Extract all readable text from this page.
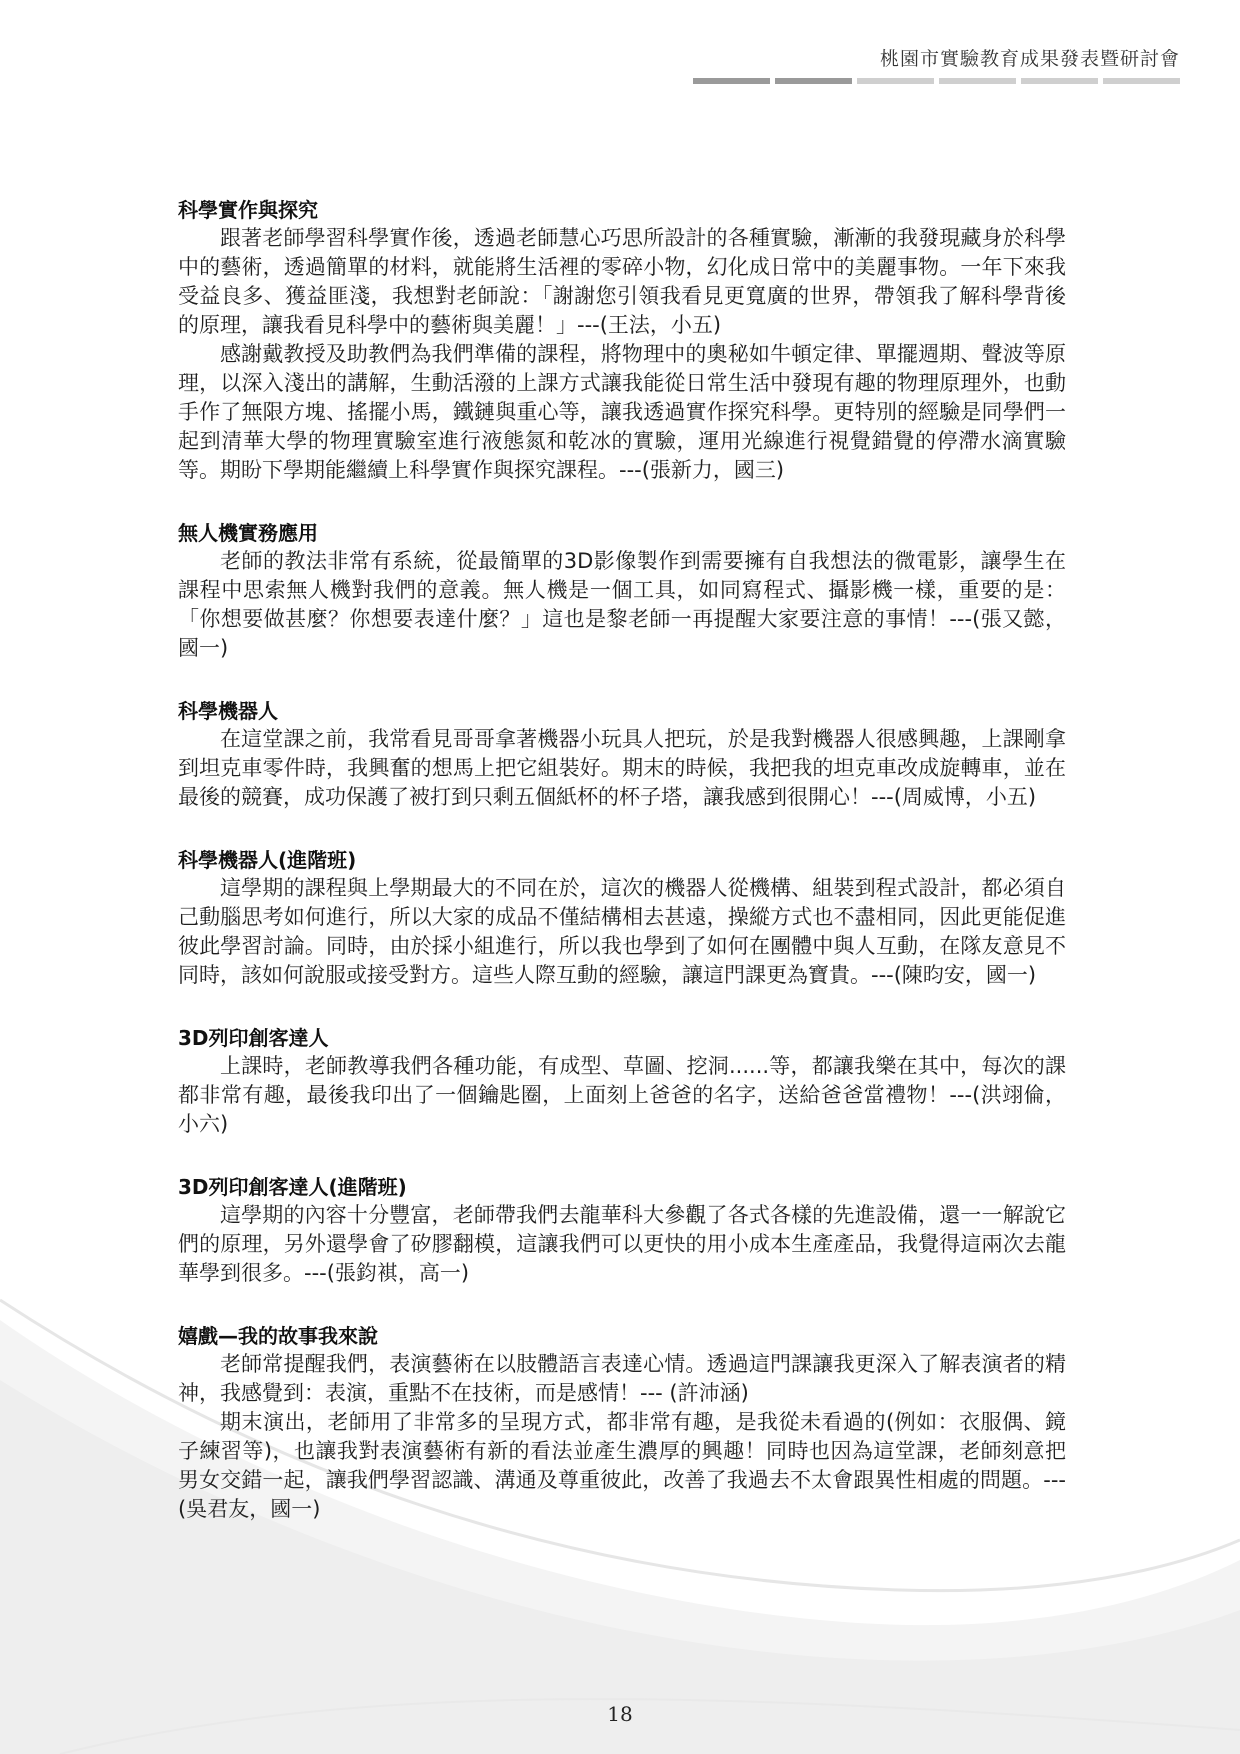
桃園市實驗教育成果發表暨研討會
科學實作與探究

跟著老師學習科學實作後，透過老師慧心巧思所設計的各種實驗，漸漸的我發現藏身於科學中的藝術，透過簡單的材料，就能將生活裡的零碎小物，幻化成日常中的美麗事物。一年下來我受益良多、獲益匪淺，我想對老師說：「謝謝您引領我看見更寬廣的世界，帶領我了解科學背後的原理，讓我看見科學中的藝術與美麗！」---(王法，小五)

感謝戴教授及助教們為我們準備的課程，將物理中的奧秘如牛頓定律、單擺週期、聲波等原理，以深入淺出的講解，生動活潑的上課方式讓我能從日常生活中發現有趣的物理原理外，也動手作了無限方塊、搖擺小馬，鐵鏈與重心等，讓我透過實作探究科學。更特別的經驗是同學們一起到清華大學的物理實驗室進行液態氮和乾冰的實驗，運用光線進行視覺錯覺的停滯水滴實驗等。期盼下學期能繼續上科學實作與探究課程。---(張新力，國三)

無人機實務應用

老師的教法非常有系統，從最簡單的3D影像製作到需要擁有自我想法的微電影，讓學生在課程中思索無人機對我們的意義。無人機是一個工具，如同寫程式、攝影機一樣，重要的是：「你想要做甚麼？你想要表達什麼？」這也是黎老師一再提醒大家要注意的事情！---(張又懿，國一)

科學機器人

在這堂課之前，我常看見哥哥拿著機器小玩具人把玩，於是我對機器人很感興趣，上課剛拿到坦克車零件時，我興奮的想馬上把它組裝好。期末的時候，我把我的坦克車改成旋轉車，並在最後的競賽，成功保護了被打到只剩五個紙杯的杯子塔，讓我感到很開心！---(周威博，小五)

科學機器人(進階班)

這學期的課程與上學期最大的不同在於，這次的機器人從機構、組裝到程式設計，都必須自己動腦思考如何進行，所以大家的成品不僅結構相去甚遠，操縱方式也不盡相同，因此更能促進彼此學習討論。同時，由於採小組進行，所以我也學到了如何在團體中與人互動，在隊友意見不同時，該如何說服或接受對方。這些人際互動的經驗，讓這門課更為寶貴。---(陳昀安，國一)

3D列印創客達人

上課時，老師教導我們各種功能，有成型、草圖、挖洞......等，都讓我樂在其中，每次的課都非常有趣，最後我印出了一個鑰匙圈，上面刻上爸爸的名字，送給爸爸當禮物！---(洪翊倫，小六)

3D列印創客達人(進階班)

這學期的內容十分豐富，老師帶我們去龍華科大參觀了各式各樣的先進設備，還一一解說它們的原理，另外還學會了矽膠翻模，這讓我們可以更快的用小成本生產產品，我覺得這兩次去龍華學到很多。---(張鈞褀，高一)

嬉戲—我的故事我來說

老師常提醒我們，表演藝術在以肢體語言表達心情。透過這門課讓我更深入了解表演者的精神，我感覺到：表演，重點不在技術，而是感情！--- (許沛涵)

期末演出，老師用了非常多的呈現方式，都非常有趣，是我從未看過的(例如：衣服偶、鏡子練習等)，也讓我對表演藝術有新的看法並產生濃厚的興趣！同時也因為這堂課，老師刻意把男女交錯一起，讓我們學習認識、溝通及尊重彼此，改善了我過去不太會跟異性相處的問題。---(吳君友，國一)

18
